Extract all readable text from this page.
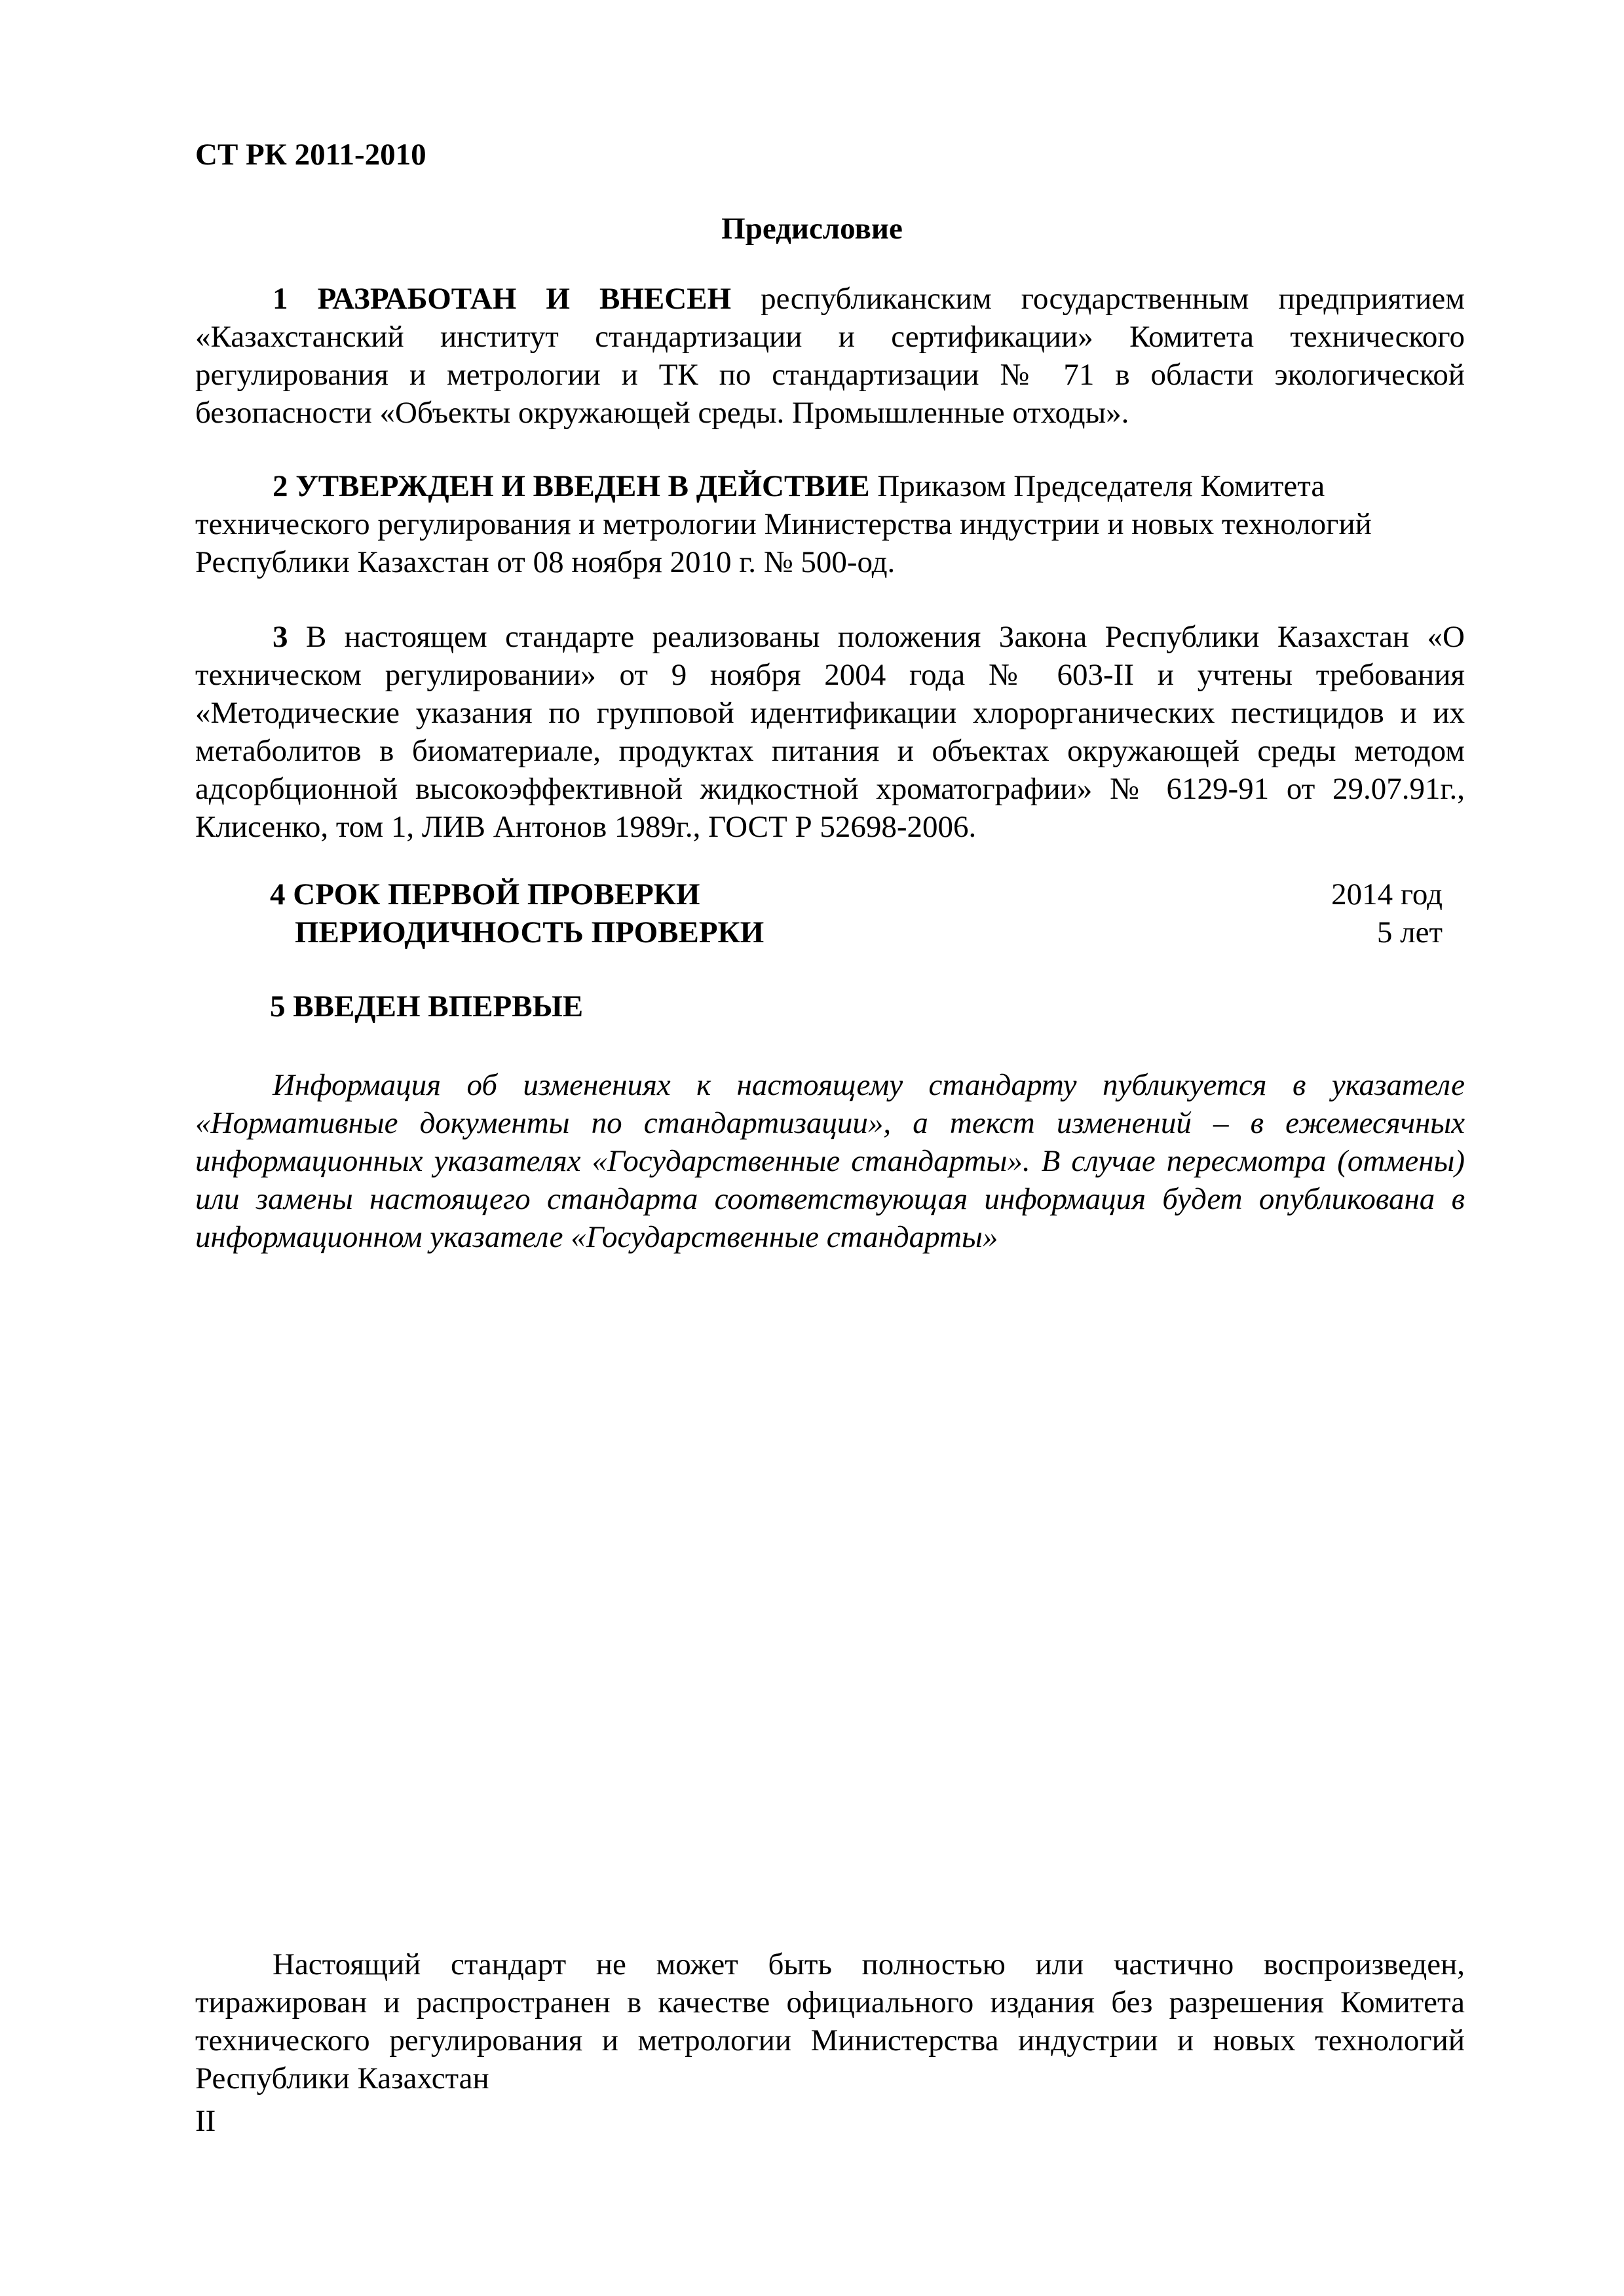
СТ РК 2011-2010
Предисловие
1 РАЗРАБОТАН И ВНЕСЕН республиканским государственным предприятием «Казахстанский институт стандартизации и сертификации» Комитета технического регулирования и метрологии и ТК по стандартизации № 71 в области экологической безопасности «Объекты окружающей среды. Промышленные отходы».
2 УТВЕРЖДЕН И ВВЕДЕН В ДЕЙСТВИЕ Приказом Председателя Комитета технического регулирования и метрологии Министерства индустрии и новых технологий Республики Казахстан от 08 ноября 2010 г. № 500-од.
3 В настоящем стандарте реализованы положения Закона Республики Казахстан «О техническом регулировании» от 9 ноября 2004 года № 603-II и учтены требования «Методические указания по групповой идентификации хлорорганических пестицидов и их метаболитов в биоматериале, продуктах питания и объектах окружающей среды методом адсорбционной высокоэффективной жидкостной хроматографии» № 6129-91 от 29.07.91г., Клисенко, том 1, ЛИВ Антонов 1989г., ГОСТ Р 52698-2006.
4 СРОК ПЕРВОЙ ПРОВЕРКИ	2014 год
ПЕРИОДИЧНОСТЬ ПРОВЕРКИ	5 лет
5 ВВЕДЕН ВПЕРВЫЕ
Информация об изменениях к настоящему стандарту публикуется в указателе «Нормативные документы по стандартизации», а текст изменений – в ежемесячных информационных указателях «Государственные стандарты». В случае пересмотра (отмены) или замены настоящего стандарта соответствующая информация будет опубликована в информационном указателе «Государственные стандарты»
Настоящий стандарт не может быть полностью или частично воспроизведен, тиражирован и распространен в качестве официального издания без разрешения Комитета технического регулирования и метрологии Министерства индустрии и новых технологий Республики Казахстан
II
